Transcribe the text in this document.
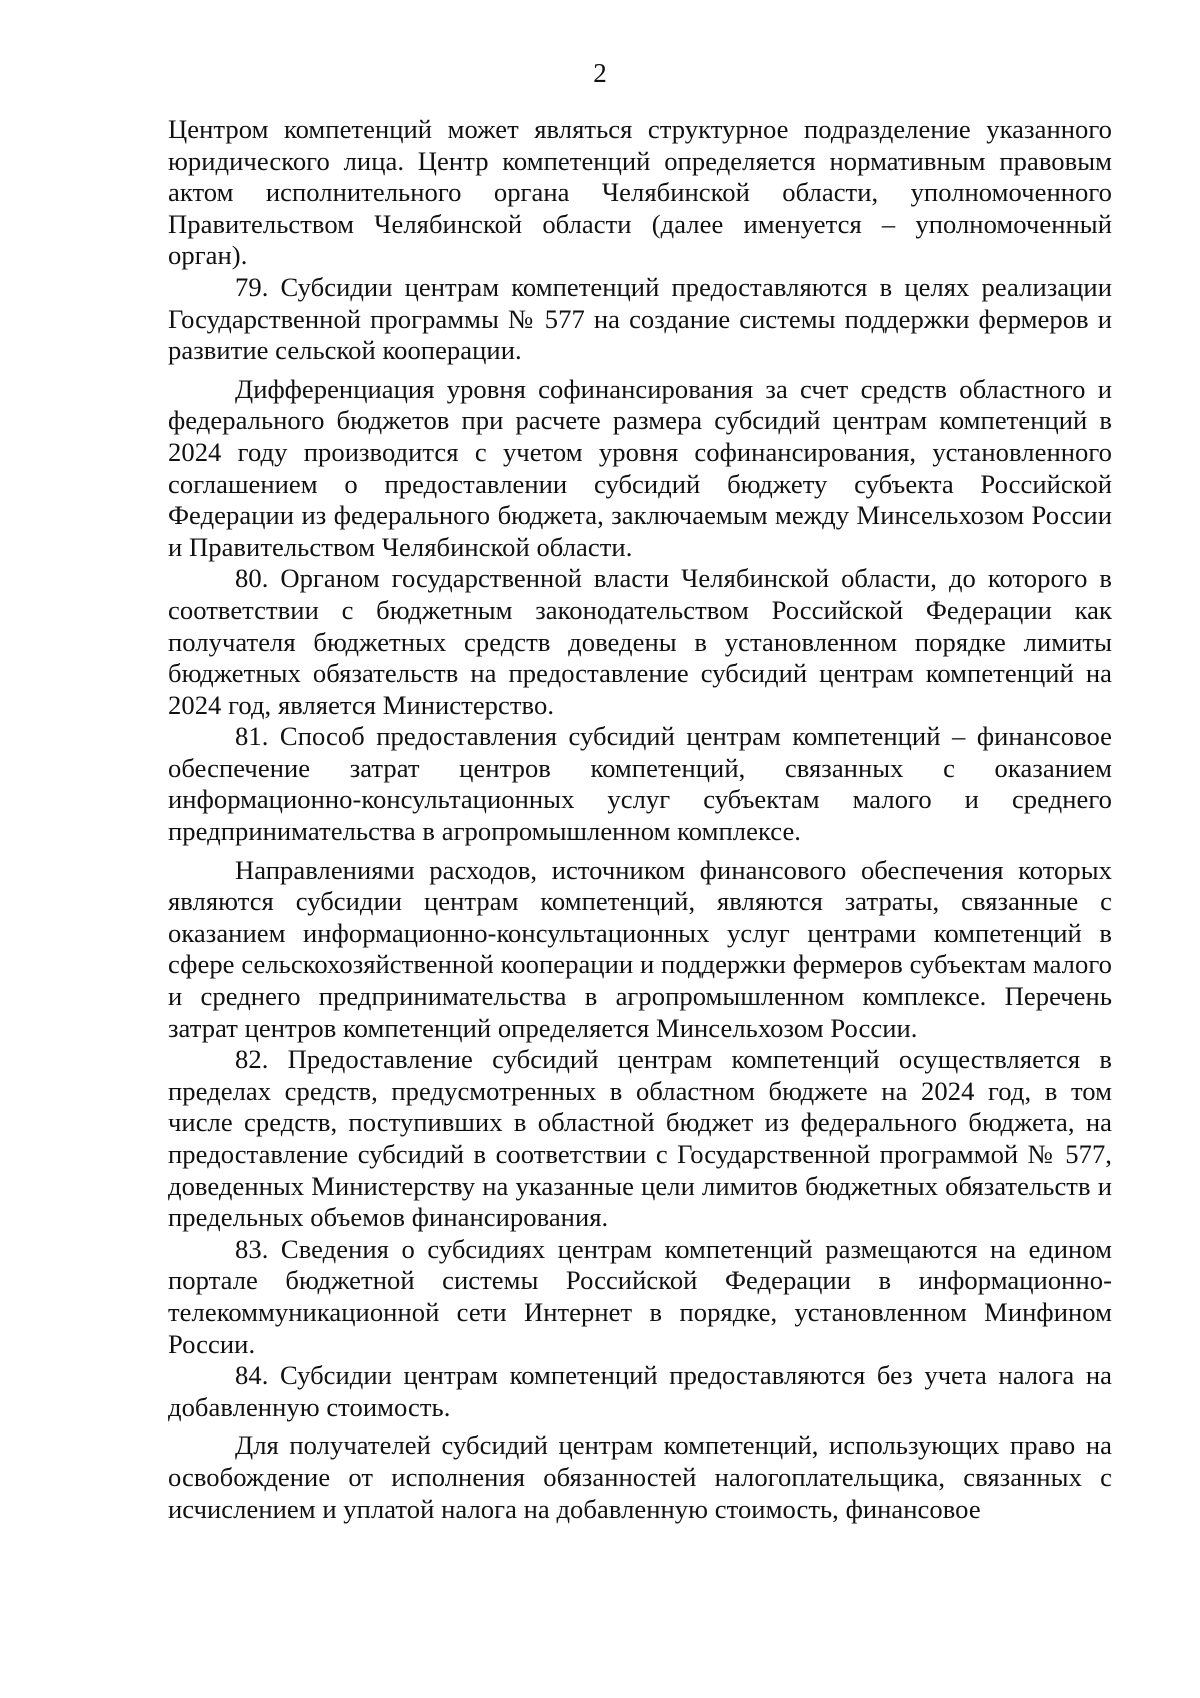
2

Центром компетенций может являться структурное подразделение указанного юридического лица. Центр компетенций определяется нормативным правовым актом исполнительного органа Челябинской области, уполномоченного Правительством Челябинской области (далее именуется – уполномоченный орган).

79. Субсидии центрам компетенций предоставляются в целях реализации Государственной программы № 577 на создание системы поддержки фермеров и развитие сельской кооперации.

Дифференциация уровня софинансирования за счет средств областного и федерального бюджетов при расчете размера субсидий центрам компетенций в 2024 году производится с учетом уровня софинансирования, установленного соглашением о предоставлении субсидий бюджету субъекта Российской Федерации из федерального бюджета, заключаемым между Минсельхозом России и Правительством Челябинской области.

80. Органом государственной власти Челябинской области, до которого в соответствии с бюджетным законодательством Российской Федерации как получателя бюджетных средств доведены в установленном порядке лимиты бюджетных обязательств на предоставление субсидий центрам компетенций на 2024 год, является Министерство.

81. Способ предоставления субсидий центрам компетенций – финансовое обеспечение затрат центров компетенций, связанных с оказанием информационно-консультационных услуг субъектам малого и среднего предпринимательства в агропромышленном комплексе.

Направлениями расходов, источником финансового обеспечения которых являются субсидии центрам компетенций, являются затраты, связанные с оказанием информационно-консультационных услуг центрами компетенций в сфере сельскохозяйственной кооперации и поддержки фермеров субъектам малого и среднего предпринимательства в агропромышленном комплексе. Перечень затрат центров компетенций определяется Минсельхозом России.

82. Предоставление субсидий центрам компетенций осуществляется в пределах средств, предусмотренных в областном бюджете на 2024 год, в том числе средств, поступивших в областной бюджет из федерального бюджета, на предоставление субсидий в соответствии с Государственной программой № 577, доведенных Министерству на указанные цели лимитов бюджетных обязательств и предельных объемов финансирования.

83. Сведения о субсидиях центрам компетенций размещаются на едином портале бюджетной системы Российской Федерации в информационно-телекоммуникационной сети Интернет в порядке, установленном Минфином России.

84. Субсидии центрам компетенций предоставляются без учета налога на добавленную стоимость.

Для получателей субсидий центрам компетенций, использующих право на освобождение от исполнения обязанностей налогоплательщика, связанных с исчислением и уплатой налога на добавленную стоимость, финансовое
